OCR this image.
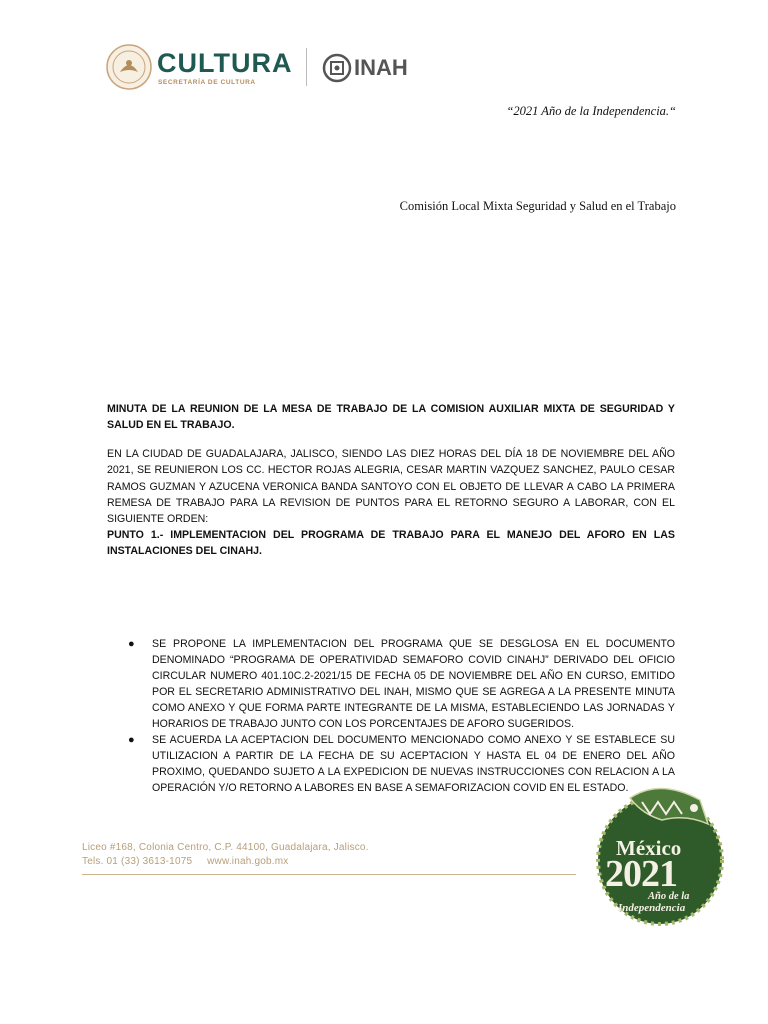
CULTURA
SECRETARÍA DE CULTURA
INAH
“2021 Año de la Independencia.“
Comisión Local Mixta Seguridad y Salud en el Trabajo
MINUTA DE LA REUNION DE LA MESA DE TRABAJO DE LA COMISION AUXILIAR MIXTA DE SEGURIDAD Y SALUD EN EL TRABAJO.
EN LA CIUDAD DE GUADALAJARA, JALISCO, SIENDO LAS DIEZ HORAS DEL DÍA 18 DE NOVIEMBRE DEL AÑO 2021, SE REUNIERON LOS CC. HECTOR ROJAS ALEGRIA, CESAR MARTIN VAZQUEZ SANCHEZ, PAULO CESAR RAMOS GUZMAN Y AZUCENA VERONICA BANDA SANTOYO CON EL OBJETO DE LLEVAR A CABO LA PRIMERA REMESA DE TRABAJO PARA LA REVISION DE PUNTOS PARA EL RETORNO SEGURO A LABORAR, CON EL SIGUIENTE ORDEN:
PUNTO 1.- IMPLEMENTACION DEL PROGRAMA DE TRABAJO PARA EL MANEJO DEL AFORO EN LAS INSTALACIONES DEL CINAHJ.
● SE PROPONE LA IMPLEMENTACION DEL PROGRAMA QUE SE DESGLOSA EN EL DOCUMENTO DENOMINADO “PROGRAMA DE OPERATIVIDAD SEMAFORO COVID CINAHJ” DERIVADO DEL OFICIO CIRCULAR NUMERO 401.10C.2-2021/15 DE FECHA 05 DE NOVIEMBRE DEL AÑO EN CURSO, EMITIDO POR EL SECRETARIO ADMINISTRATIVO DEL INAH, MISMO QUE SE AGREGA A LA PRESENTE MINUTA COMO ANEXO Y QUE FORMA PARTE INTEGRANTE DE LA MISMA, ESTABLECIENDO LAS JORNADAS Y HORARIOS DE TRABAJO JUNTO CON LOS PORCENTAJES DE AFORO SUGERIDOS.
● SE ACUERDA LA ACEPTACION DEL DOCUMENTO MENCIONADO COMO ANEXO Y SE ESTABLECE SU UTILIZACION A PARTIR DE LA FECHA DE SU ACEPTACION Y HASTA EL 04 DE ENERO DEL AÑO PROXIMO, QUEDANDO SUJETO A LA EXPEDICION DE NUEVAS INSTRUCCIONES CON RELACION A LA OPERACIÓN Y/O RETORNO A LABORES EN BASE A SEMAFORIZACION COVID EN EL ESTADO.
Liceo #168, Colonia Centro, C.P. 44100, Guadalajara, Jalisco.
Tels. 01 (33) 3613-1075     www.inah.gob.mx
México
2021
Año de la
Independencia
